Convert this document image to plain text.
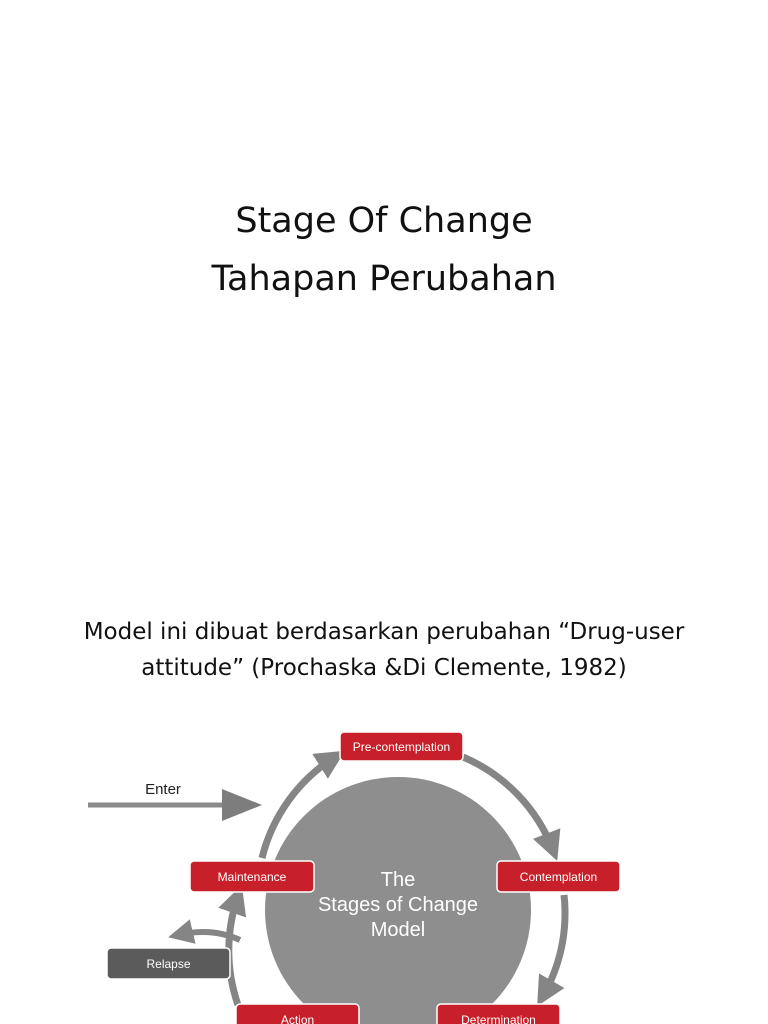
Stage Of Change
Tahapan Perubahan
Model ini dibuat berdasarkan perubahan “Drug-user
attitude” (Prochaska &Di Clemente, 1982)
Enter
The
Stages of Change
Model
Pre-contemplation
Contemplation
Maintenance
Relapse
Action	Determination
